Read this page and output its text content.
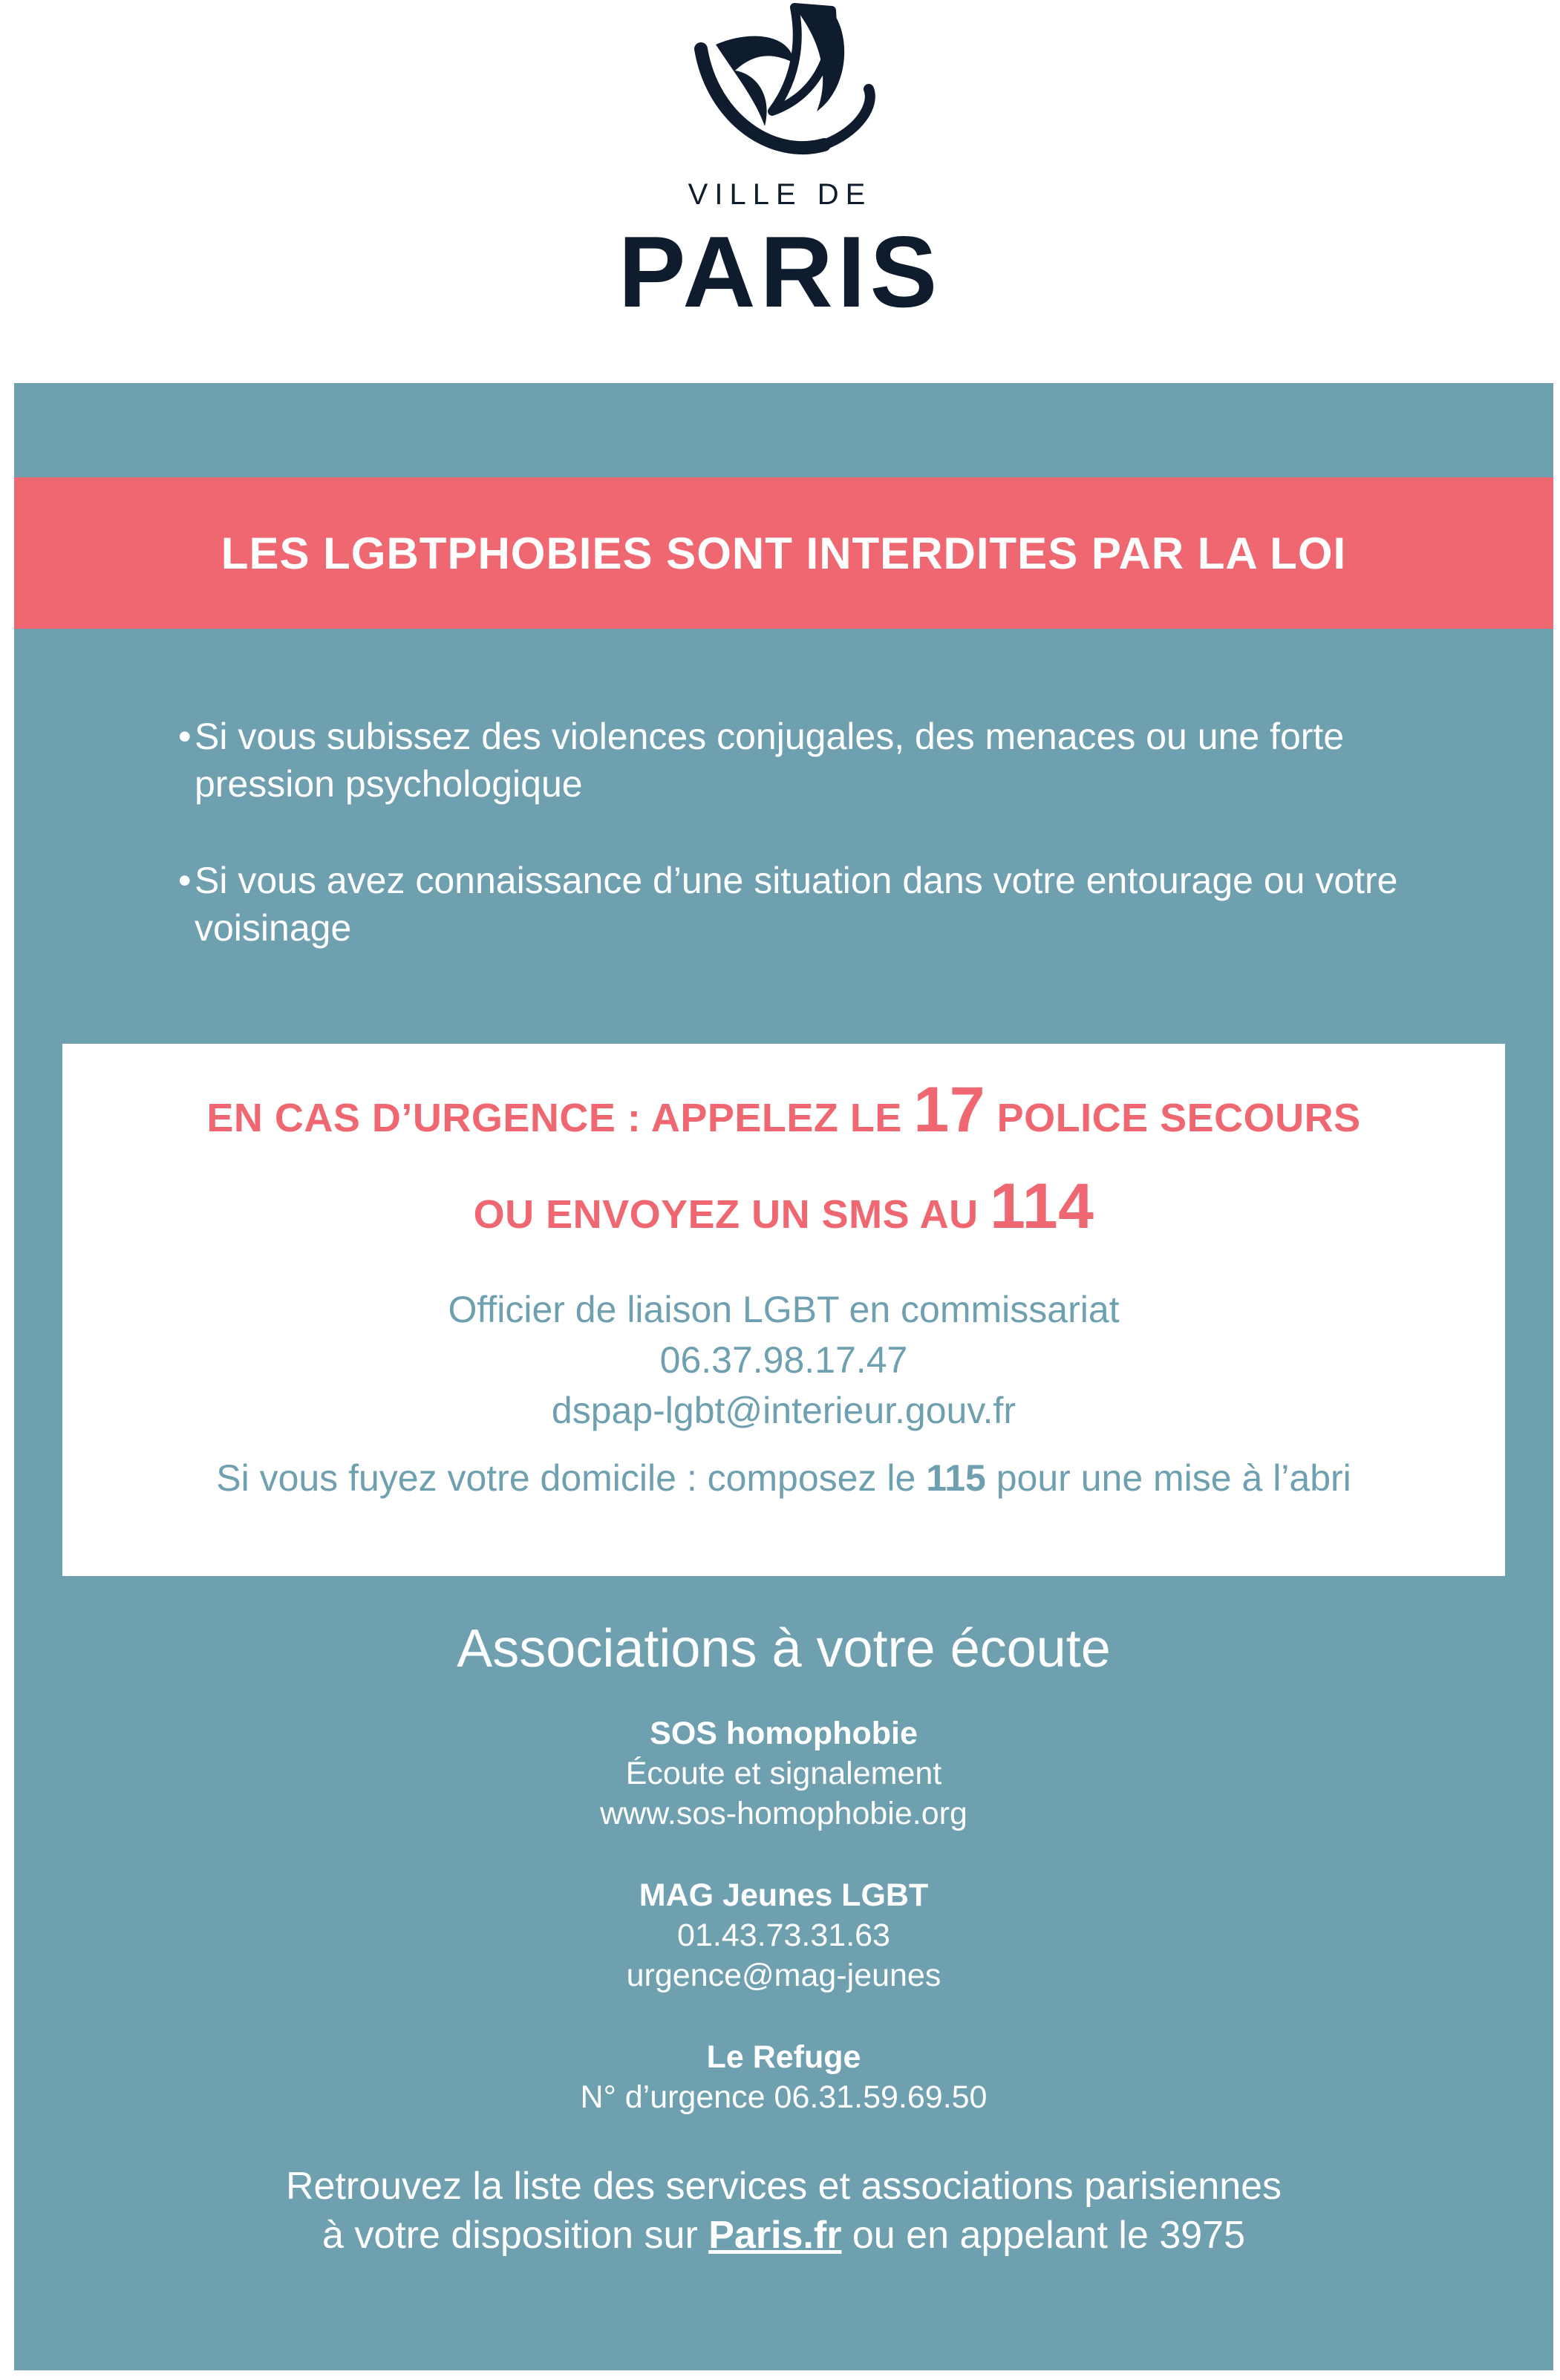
VILLE DE
PARIS
LES LGBTPHOBIES SONT INTERDITES PAR LA LOI
•Si vous subissez des violences conjugales, des menaces ou une forte pression psychologique
•Si vous avez connaissance d’une situation dans votre entourage ou votre voisinage
EN CAS D’URGENCE : APPELEZ LE 17 POLICE SECOURS
OU ENVOYEZ UN SMS AU 114
Officier de liaison LGBT en commissariat
06.37.98.17.47
dspap-lgbt@interieur.gouv.fr
Si vous fuyez votre domicile : composez le 115 pour une mise à l’abri
Associations à votre écoute
SOS homophobie
Écoute et signalement
www.sos-homophobie.org
MAG Jeunes LGBT
01.43.73.31.63
urgence@mag-jeunes
Le Refuge
N° d’urgence 06.31.59.69.50
Retrouvez la liste des services et associations parisiennes
à votre disposition sur Paris.fr ou en appelant le 3975
